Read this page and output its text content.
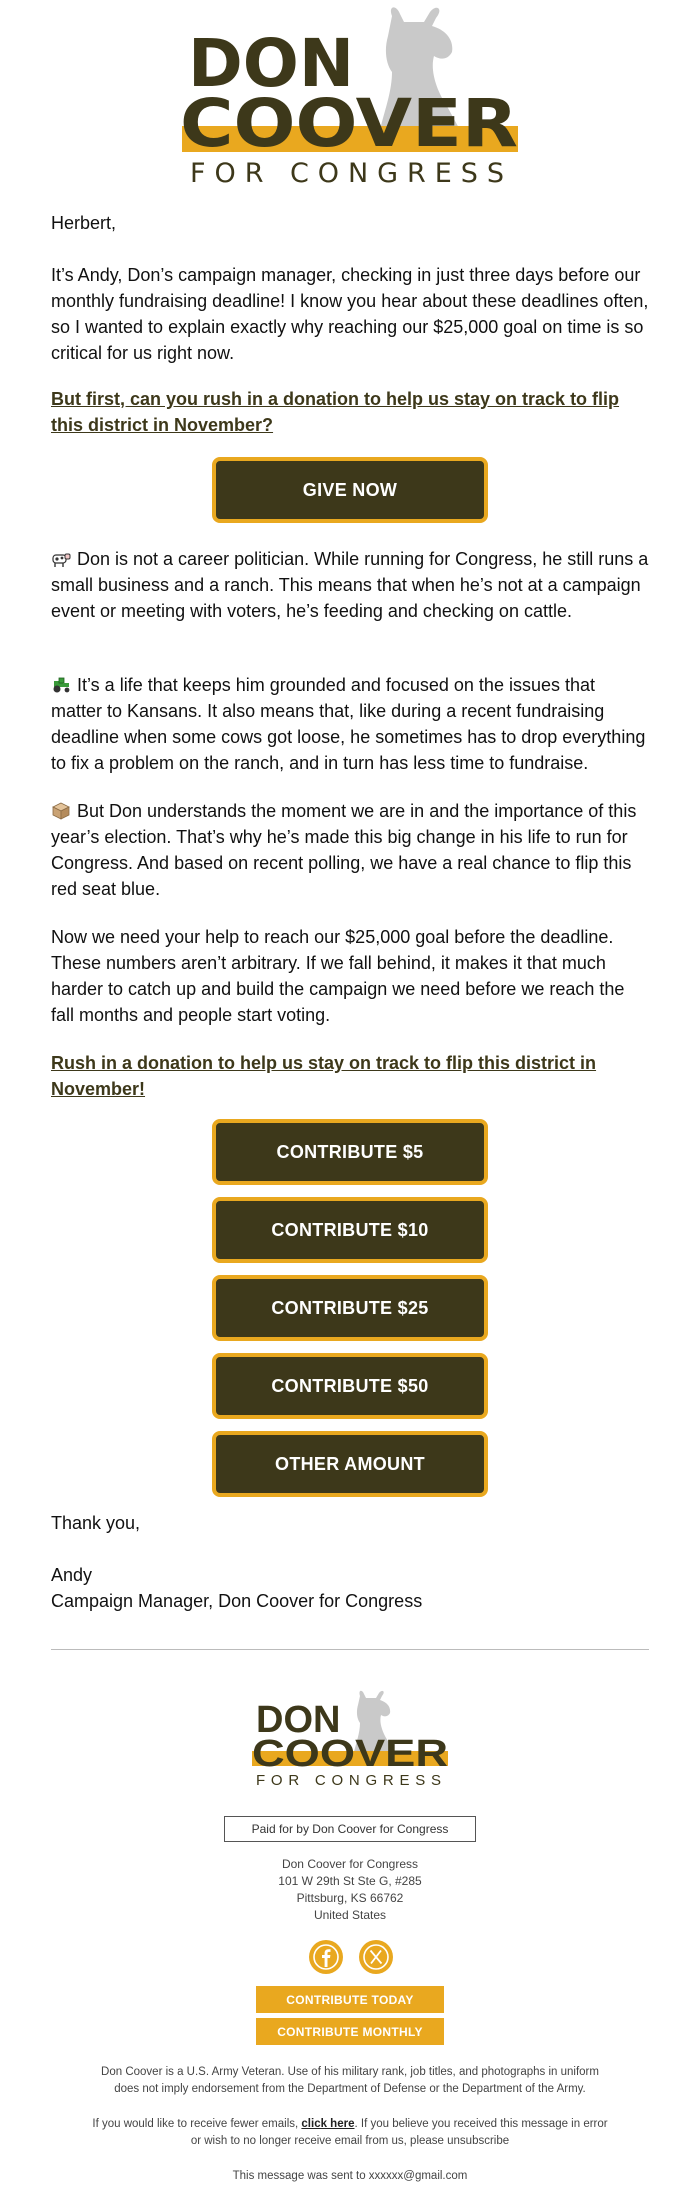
DON
COOVER
FOR CONGRESS

Herbert,

It’s Andy, Don’s campaign manager, checking in just three days before our monthly fundraising deadline! I know you hear about these deadlines often, so I wanted to explain exactly why reaching our $25,000 goal on time is so critical for us right now.

But first, can you rush in a donation to help us stay on track to flip this district in November?

GIVE NOW

Don is not a career politician. While running for Congress, he still runs a small business and a ranch. This means that when he’s not at a campaign event or meeting with voters, he’s feeding and checking on cattle.

It’s a life that keeps him grounded and focused on the issues that matter to Kansans. It also means that, like during a recent fundraising deadline when some cows got loose, he sometimes has to drop everything to fix a problem on the ranch, and in turn has less time to fundraise.

But Don understands the moment we are in and the importance of this year’s election. That’s why he’s made this big change in his life to run for Congress. And based on recent polling, we have a real chance to flip this red seat blue.

Now we need your help to reach our $25,000 goal before the deadline. These numbers aren’t arbitrary. If we fall behind, it makes it that much harder to catch up and build the campaign we need before we reach the fall months and people start voting.

Rush in a donation to help us stay on track to flip this district in November!

CONTRIBUTE $5
CONTRIBUTE $10
CONTRIBUTE $25
CONTRIBUTE $50
OTHER AMOUNT

Thank you,

Andy
Campaign Manager, Don Coover for Congress

DON
COOVER
FOR CONGRESS
Paid for by Don Coover for Congress
Don Coover for Congress
101 W 29th St Ste G, #285
Pittsburg, KS 66762
United States
CONTRIBUTE TODAY
CONTRIBUTE MONTHLY
Don Coover is a U.S. Army Veteran. Use of his military rank, job titles, and photographs in uniform
does not imply endorsement from the Department of Defense or the Department of the Army.
If you would like to receive fewer emails, click here. If you believe you received this message in error
or wish to no longer receive email from us, please unsubscribe
This message was sent to xxxxxx@gmail.com
